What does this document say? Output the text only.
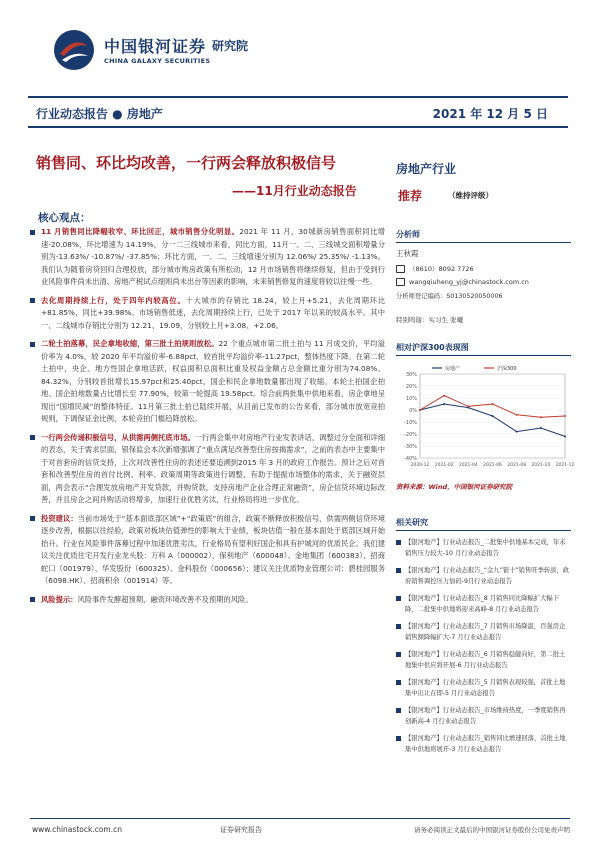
中国银河证券 研究院
CHINA GALAXY SECURITIES
行业动态报告 ● 房地产	2021 年 12 月 5 日
销售同、环比均改善，一行两会释放积极信号
——11月行业动态报告
核心观点：
11 月销售同比降幅收窄、环比回正，城市销售分化明显。2021 年 11 月，30城新房销售面积同比增速-20.08%，环比增速为 14.19%，分一二三线城市来看，同比方面，11月一、二、三线城交面积增量分别为-13.63%/ -10.87%/ -37.85%；环比方面，一、二、三线增速分别为 12.06%/ 25.35%/ -1.13%。我们认为随着房贷回归合理投放，部分城市购房政策有所松动，12 月市场销售将继续修复，但由于受到行业风险事件尚未出清、房地产税试点细则尚未出台等因素的影响，未来销售修复的速度将较以往慢一些。
去化周期持续上行，处于四年内较高位。十大城市的存销比 18.24，较上月+5.21，去化周期环比+81.85%，同比+39.98%。市场销售低迷，去化周期持续上行，已处于 2017 年以来的较高水平。其中一、二线城市存销比分别为 12.21、19.09，分别较上月+3.08、+2.06。
二轮土拍落幕，民企拿地收缩，第三批土拍规则放松。22 个重点城市第二批土拍与 11 月成交价，平均溢价率为 4.0%，较 2020 年平均溢价率-6.88pct，较首批平均溢价率-11.27pct，整体热度下降。在第二轮土拍中，央企、地方性国企拿地活跃，权益面积总面积比重及权益金额占总金额比重分别为74.08%、84.32%，分别较首批增长15.97pct和25.40pct，国企和民企拿地数量都出现了收缩。本轮土拍国企拍地、国企拍地数量占比增长至 77.90%，较第一轮提高 19.58pct。综合前两批集中供地来看，房企拿地呈现出“国增民减”的整体特征。11月第三批土拍已陆续开展，从目前已发布的公告来看，部分城市放宽竞拍规则，下调保证金比例，本轮竞拍门槛趋降放松。
一行两会传递积极信号，从供需两侧托底市场。一行两会集中对房地产行业发表讲话，调整过分全面和详细的表态，关于需求层面，银保监会本次新增强调了“重点满足改善型住房按揭需求”，之前的表态中主要集中于对首套房的信贷支持，上次对改善性住房的表述还要追溯到2015 年 3 月的政府工作报告。预计之后对首套和改善型住房的首付比例、利率、政策周期等政策进行调整，有助于提振市场整体的需求，关于融资层面，两会表示“合理发放房地产开发贷款，并购贷款，支持房地产企业合理正常融资”，房企信贷环境边际改善，并且房企之间并购活动将增多，加速行业优胜劣汰，行业格局将进一步优化。
投资建议：当前市场处于“基本面底部区域”+“政策底”的组合，政策不断释放积极信号，供需两侧信贷环境逐步改善，根据以往经验，政策对板块估值弹性的影响大于业绩，板块估值一般在基本面处于底部区域开始抬升。行业在风险事件落幕过程中加速优胜劣汰，行业格局有望利好国企和具有护城河的优质民企。我们建议关注优质住宅开发行业龙头股：万科 A（000002）、保利地产（600048）、金地集团（600383）、招商蛇口（001979）、华发股份（600325）、金科股份（000656）；建议关注优质物业管理公司：碧桂园服务（6098.HK）、招商积余（001914）等。
风险提示：风险事件发酵超预期、融资环境改善不及预期的风险。
房地产行业
推荐	（维持评级）
分析师
王秋霞
（8610）8092 7726
wangqiuheng_yj@chinastock.com.cn
分析师登记编码：S0130520050006
特别鸣谢：实习生 张曦
相对沪深300表现图
-40%
-30%
-20%
-10%
0%
10%
20%
30%
2020-12 2021-02 2021-04 2021-06 2021-08 2021-10 2021-12
房地产	沪深300
资料来源：Wind，中国银河证券研究院
相关研究
【银河地产】行业动态报告_二批集中供地基本完成，年末销售压力较大-10 月行业动态报告
【银河地产】行业动态报告_“金九”银十”销售旺季转淡，政府销售调控压力加码-9月行业动态报告
【银河地产】行业动态报告_8 月销售同比降幅扩大幅下降，二批集中供地将迎来高峰-8 月行业动态报告
【银河地产】行业动态报告_7 月销售市场降温，百强房企销售额降幅扩大-7 月行业动态报告
【银河地产】行业动态报告_6 月销售稳健向好，第二批土地集中供应将开展-6 月行业动态报告
【银河地产】行业动态报告_5 月销售表现较强，首批土地集中出让在即-5 月行业动态报告
【银河地产】行业动态报告_市场维持热度，一季度销售再创新高-4 月行业动态报告
【银河地产】行业动态报告_销售同比增速回落，首批土地集中供地将展开-3 月行业动态报告
www.chinastock.com.cn	证券研究报告	请务必阅读正文最后的中国银河证券股份公司免责声明
